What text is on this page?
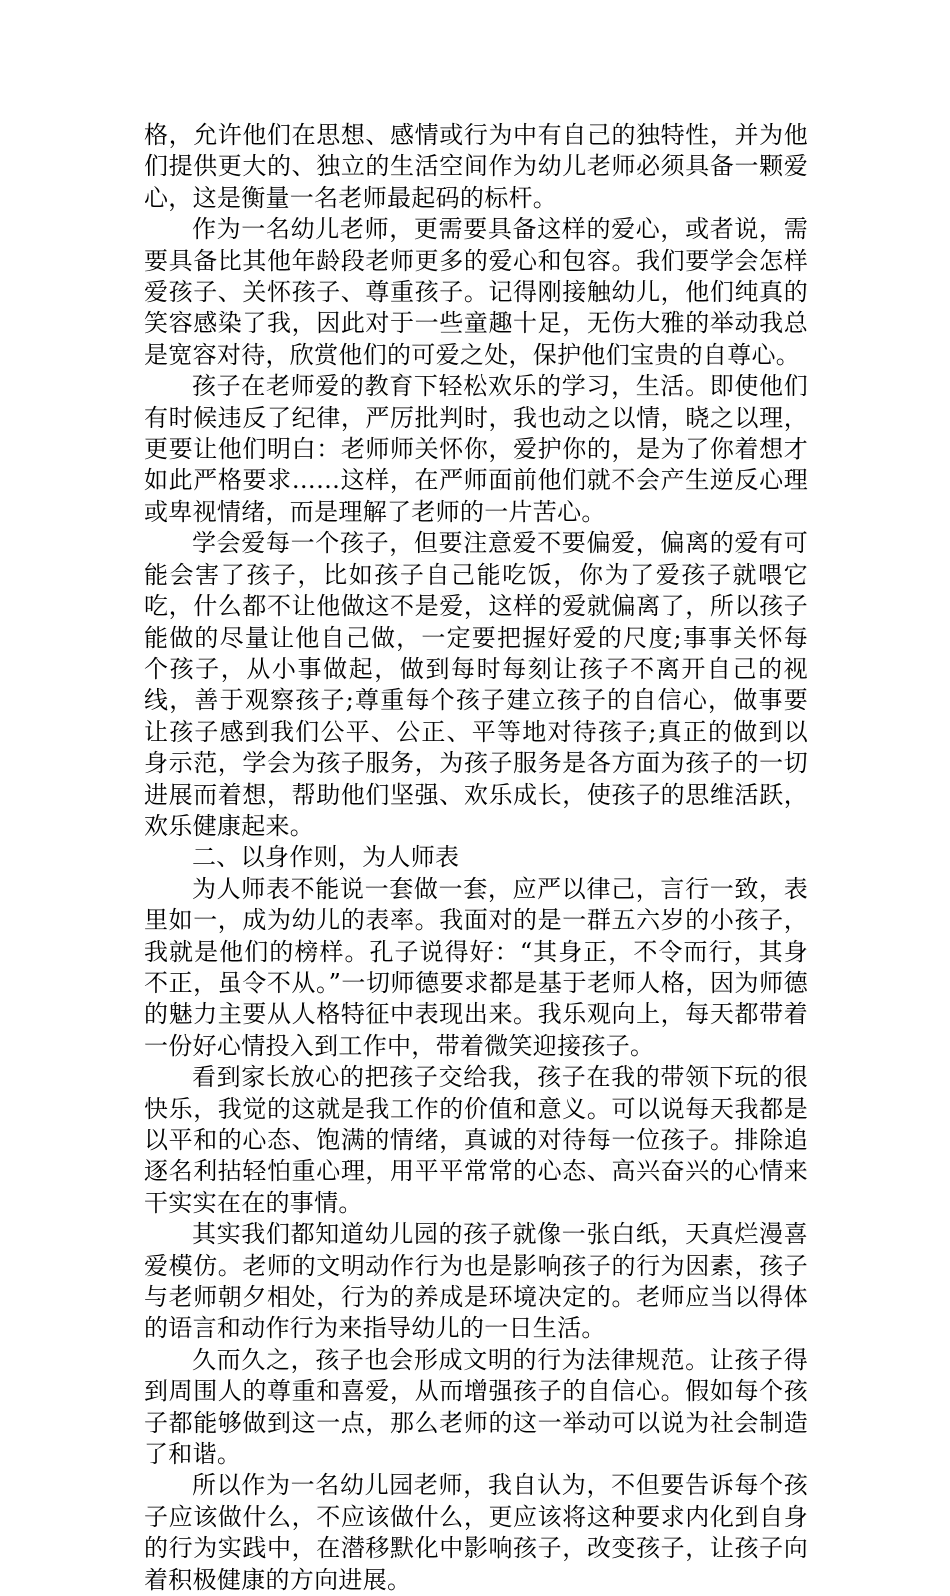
格，允许他们在思想、感情或行为中有自己的独特性，并为他们提供更大的、独立的生活空间作为幼儿老师必须具备一颗爱心，这是衡量一名老师最起码的标杆。

作为一名幼儿老师，更需要具备这样的爱心，或者说，需要具备比其他年龄段老师更多的爱心和包容。我们要学会怎样爱孩子、关怀孩子、尊重孩子。记得刚接触幼儿，他们纯真的笑容感染了我，因此对于一些童趣十足，无伤大雅的举动我总是宽容对待，欣赏他们的可爱之处，保护他们宝贵的自尊心。

孩子在老师爱的教育下轻松欢乐的学习，生活。即使他们有时候违反了纪律，严厉批判时，我也动之以情，晓之以理，更要让他们明白：老师师关怀你，爱护你的，是为了你着想才如此严格要求……这样，在严师面前他们就不会产生逆反心理或卑视情绪，而是理解了老师的一片苦心。

学会爱每一个孩子，但要注意爱不要偏爱，偏离的爱有可能会害了孩子，比如孩子自己能吃饭，你为了爱孩子就喂它吃，什么都不让他做这不是爱，这样的爱就偏离了，所以孩子能做的尽量让他自己做，一定要把握好爱的尺度;事事关怀每个孩子，从小事做起，做到每时每刻让孩子不离开自己的视线，善于观察孩子;尊重每个孩子建立孩子的自信心，做事要让孩子感到我们公平、公正、平等地对待孩子;真正的做到以身示范，学会为孩子服务，为孩子服务是各方面为孩子的一切进展而着想，帮助他们坚强、欢乐成长，使孩子的思维活跃，欢乐健康起来。

二、以身作则，为人师表

为人师表不能说一套做一套，应严以律己，言行一致，表里如一，成为幼儿的表率。我面对的是一群五六岁的小孩子，我就是他们的榜样。孔子说得好：“其身正，不令而行，其身不正，虽令不从。”一切师德要求都是基于老师人格，因为师德的魅力主要从人格特征中表现出来。我乐观向上，每天都带着一份好心情投入到工作中，带着微笑迎接孩子。

看到家长放心的把孩子交给我，孩子在我的带领下玩的很快乐，我觉的这就是我工作的价值和意义。可以说每天我都是以平和的心态、饱满的情绪，真诚的对待每一位孩子。排除追逐名利拈轻怕重心理，用平平常常的心态、高兴奋兴的心情来干实实在在的事情。

其实我们都知道幼儿园的孩子就像一张白纸，天真烂漫喜爱模仿。老师的文明动作行为也是影响孩子的行为因素，孩子与老师朝夕相处，行为的养成是环境决定的。老师应当以得体的语言和动作行为来指导幼儿的一日生活。

久而久之，孩子也会形成文明的行为法律规范。让孩子得到周围人的尊重和喜爱，从而增强孩子的自信心。假如每个孩子都能够做到这一点，那么老师的这一举动可以说为社会制造了和谐。

所以作为一名幼儿园老师，我自认为，不但要告诉每个孩子应该做什么，不应该做什么，更应该将这种要求内化到自身的行为实践中，在潜移默化中影响孩子，改变孩子，让孩子向着积极健康的方向进展。
